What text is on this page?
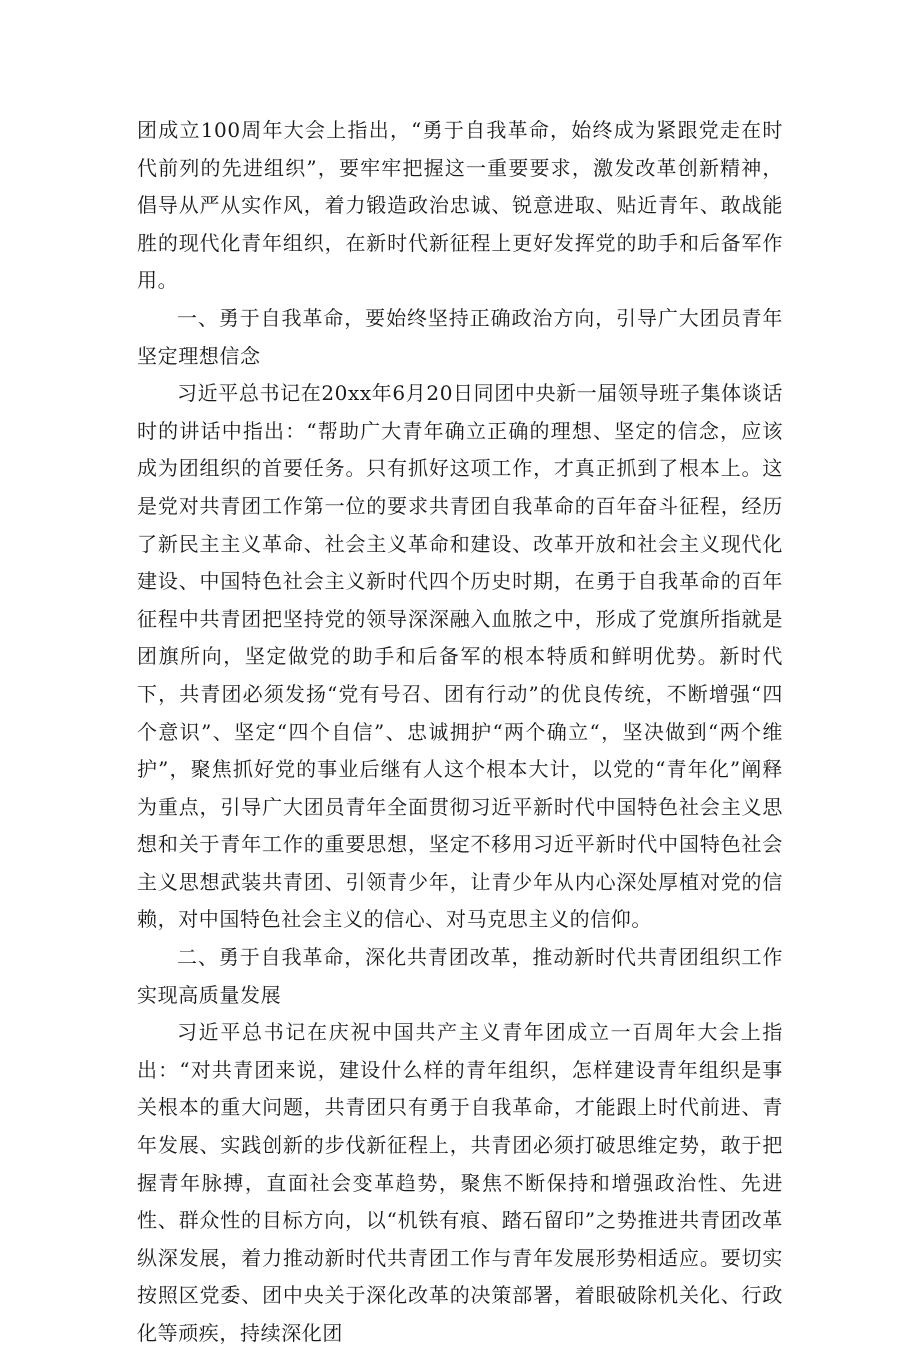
团成立100周年大会上指出，“勇于自我革命，始终成为紧跟党走在时代前列的先进组织”，要牢牢把握这一重要要求，激发改革创新精神，倡导从严从实作风，着力锻造政治忠诚、锐意进取、贴近青年、敢战能胜的现代化青年组织，在新时代新征程上更好发挥党的助手和后备军作用。

一、勇于自我革命，要始终坚持正确政治方向，引导广大团员青年坚定理想信念

习近平总书记在20xx年6月20日同团中央新一届领导班子集体谈话时的讲话中指出：“帮助广大青年确立正确的理想、坚定的信念，应该成为团组织的首要任务。只有抓好这项工作，才真正抓到了根本上。这是党对共青团工作第一位的要求共青团自我革命的百年奋斗征程，经历了新民主主义革命、社会主义革命和建设、改革开放和社会主义现代化建设、中国特色社会主义新时代四个历史时期，在勇于自我革命的百年征程中共青团把坚持党的领导深深融入血脓之中，形成了党旗所指就是团旗所向，坚定做党的助手和后备军的根本特质和鲜明优势。新时代下，共青团必须发扬“党有号召、团有行动”的优良传统，不断增强“四个意识”、坚定“四个自信”、忠诚拥护“两个确立“，坚决做到“两个维护”，聚焦抓好党的事业后继有人这个根本大计，以党的“青年化”阐释为重点，引导广大团员青年全面贯彻习近平新时代中国特色社会主义思想和关于青年工作的重要思想，坚定不移用习近平新时代中国特色社会主义思想武装共青团、引领青少年，让青少年从内心深处厚植对党的信赖，对中国特色社会主义的信心、对马克思主义的信仰。

二、勇于自我革命，深化共青团改革，推动新时代共青团组织工作实现高质量发展

习近平总书记在庆祝中国共产主义青年团成立一百周年大会上指出：“对共青团来说，建设什么样的青年组织，怎样建设青年组织是事关根本的重大问题，共青团只有勇于自我革命，才能跟上时代前进、青年发展、实践创新的步伐新征程上，共青团必须打破思维定势，敢于把握青年脉搏，直面社会变革趋势，聚焦不断保持和增强政治性、先进性、群众性的目标方向，以“机铁有痕、踏石留印”之势推进共青团改革纵深发展，着力推动新时代共青团工作与青年发展形势相适应。要切实按照区党委、团中央关于深化改革的决策部署，着眼破除机关化、行政化等顽疾，持续深化团
